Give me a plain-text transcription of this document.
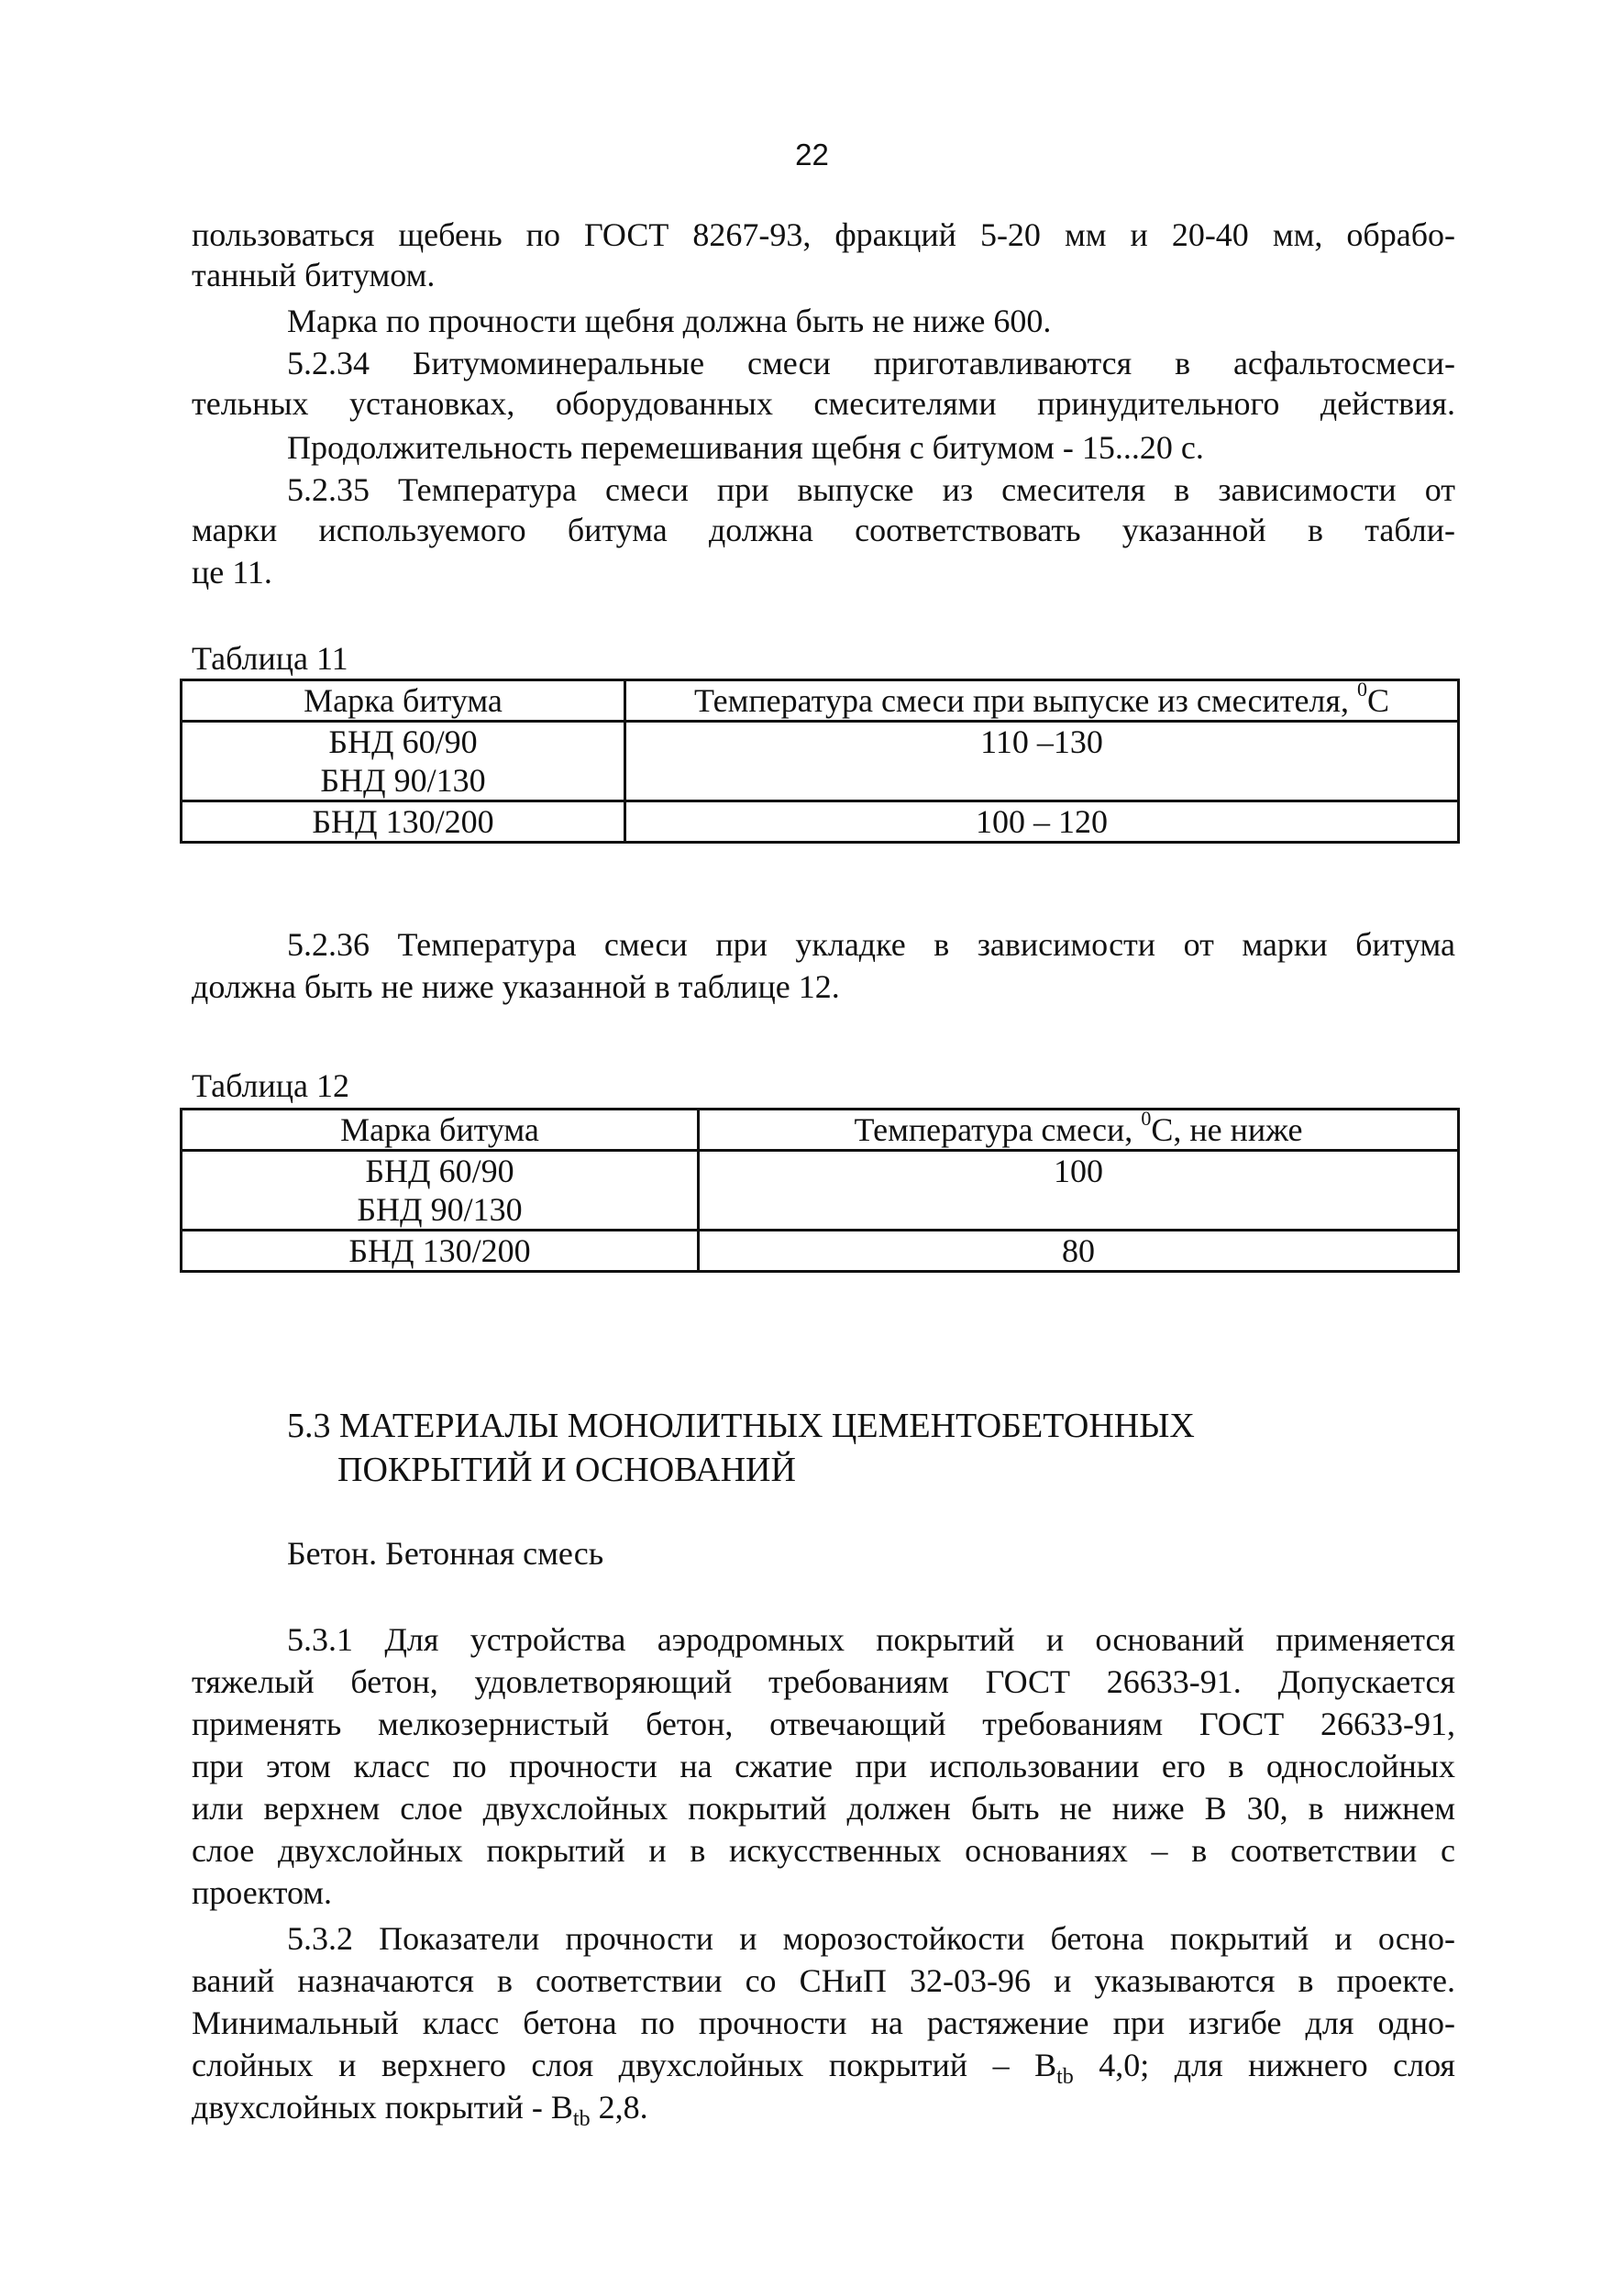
22
пользоваться щебень по ГОСТ 8267-93, фракций 5-20 мм и 20-40 мм, обрабо-
танный битумом.
Марка по прочности щебня должна быть не ниже 600.
5.2.34 Битумоминеральные смеси приготавливаются в асфальтосмеси-
тельных установках, оборудованных смесителями принудительного действия.
Продолжительность перемешивания щебня с битумом - 15...20 с.
5.2.35 Температура смеси при выпуске из смесителя в зависимости от
марки используемого битума должна соответствовать указанной в табли-
це 11.
Таблица 11
Марка битума	Температура смеси при выпуске из смесителя, $^0$С

БНД 60/90
БНД 90/130	110 –130
БНД 130/200	100 – 120
5.2.36 Температура смеси при укладке в зависимости от марки битума
должна быть не ниже указанной в таблице 12.
Таблица 12
Марка битума	Температура смеси, $^0$С, не ниже

БНД 60/90
БНД 90/130	100
БНД 130/200	80
5.3 МАТЕРИАЛЫ МОНОЛИТНЫХ ЦЕМЕНТОБЕТОННЫХ
ПОКРЫТИЙ И ОСНОВАНИЙ
Бетон. Бетонная смесь
5.3.1 Для устройства аэродромных покрытий и оснований применяется
тяжелый бетон, удовлетворяющий требованиям ГОСТ 26633-91. Допускается
применять мелкозернистый бетон, отвечающий требованиям ГОСТ 26633-91,
при этом класс по прочности на сжатие при использовании его в однослойных
или верхнем слое двухслойных покрытий должен быть не ниже В 30, в нижнем
слое двухслойных покрытий и в искусственных основаниях – в соответствии с
проектом.
5.3.2 Показатели прочности и морозостойкости бетона покрытий и осно-
ваний назначаются в соответствии со СНиП 32-03-96 и указываются в проекте.
Минимальный класс бетона по прочности на растяжение при изгибе для одно-
слойных и верхнего слоя двухслойных покрытий – $B_{tb}$ 4,0; для нижнего слоя
двухслойных покрытий - $B_{tb}$ 2,8.
